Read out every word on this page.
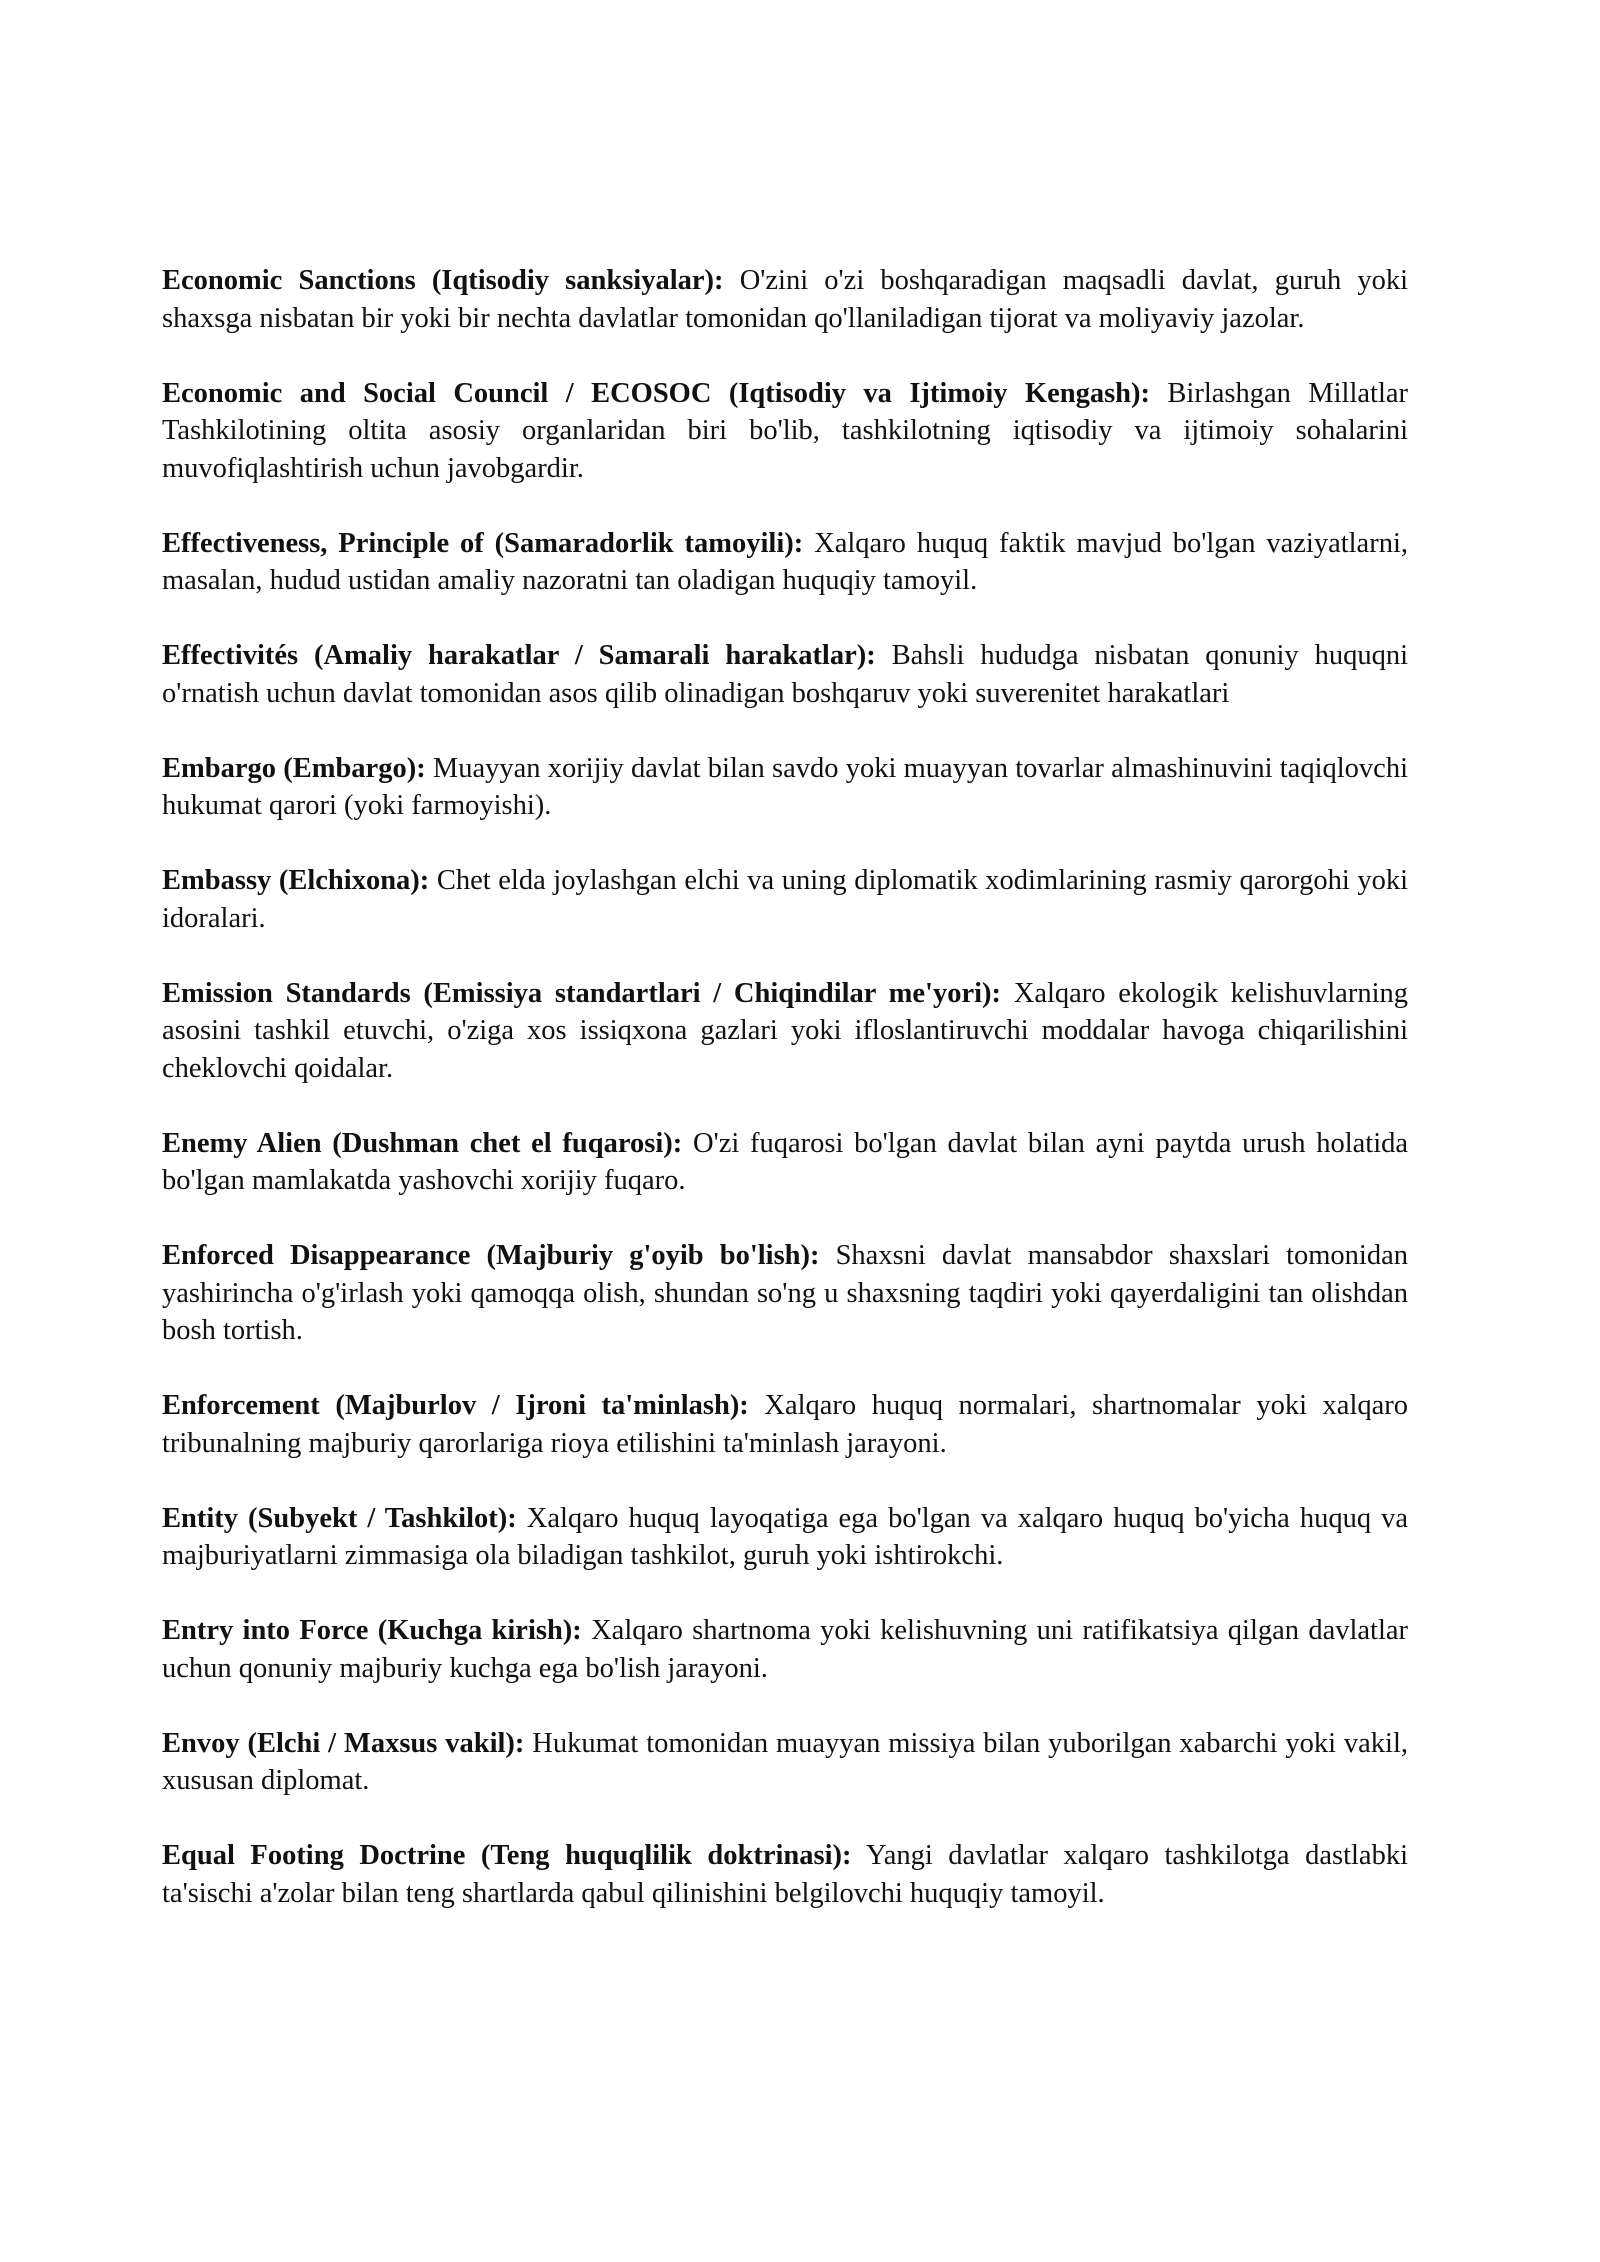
Economic Sanctions (Iqtisodiy sanksiyalar): O'zini o'zi boshqaradigan maqsadli davlat, guruh yoki shaxsga nisbatan bir yoki bir nechta davlatlar tomonidan qo'llaniladigan tijorat va moliyaviy jazolar.

Economic and Social Council / ECOSOC (Iqtisodiy va Ijtimoiy Kengash): Birlashgan Millatlar Tashkilotining oltita asosiy organlaridan biri bo'lib, tashkilotning iqtisodiy va ijtimoiy sohalarini muvofiqlashtirish uchun javobgardir.

Effectiveness, Principle of (Samaradorlik tamoyili): Xalqaro huquq faktik mavjud bo'lgan vaziyatlarni, masalan, hudud ustidan amaliy nazoratni tan oladigan huquqiy tamoyil.

Effectivités (Amaliy harakatlar / Samarali harakatlar): Bahsli hududga nisbatan qonuniy huquqni o'rnatish uchun davlat tomonidan asos qilib olinadigan boshqaruv yoki suverenitet harakatlari

Embargo (Embargo): Muayyan xorijiy davlat bilan savdo yoki muayyan tovarlar almashinuvini taqiqlovchi hukumat qarori (yoki farmoyishi).

Embassy (Elchixona): Chet elda joylashgan elchi va uning diplomatik xodimlarining rasmiy qarorgohi yoki idoralari.

Emission Standards (Emissiya standartlari / Chiqindilar me'yori): Xalqaro ekologik kelishuvlarning asosini tashkil etuvchi, o'ziga xos issiqxona gazlari yoki ifloslantiruvchi moddalar havoga chiqarilishini cheklovchi qoidalar.

Enemy Alien (Dushman chet el fuqarosi): O'zi fuqarosi bo'lgan davlat bilan ayni paytda urush holatida bo'lgan mamlakatda yashovchi xorijiy fuqaro.

Enforced Disappearance (Majburiy g'oyib bo'lish): Shaxsni davlat mansabdor shaxslari tomonidan yashirincha o'g'irlash yoki qamoqqa olish, shundan so'ng u shaxsning taqdiri yoki qayerdaligini tan olishdan bosh tortish.

Enforcement (Majburlov / Ijroni ta'minlash): Xalqaro huquq normalari, shartnomalar yoki xalqaro tribunalning majburiy qarorlariga rioya etilishini ta'minlash jarayoni.

Entity (Subyekt / Tashkilot): Xalqaro huquq layoqatiga ega bo'lgan va xalqaro huquq bo'yicha huquq va majburiyatlarni zimmasiga ola biladigan tashkilot, guruh yoki ishtirokchi.

Entry into Force (Kuchga kirish): Xalqaro shartnoma yoki kelishuvning uni ratifikatsiya qilgan davlatlar uchun qonuniy majburiy kuchga ega bo'lish jarayoni.

Envoy (Elchi / Maxsus vakil): Hukumat tomonidan muayyan missiya bilan yuborilgan xabarchi yoki vakil, xususan diplomat.

Equal Footing Doctrine (Teng huquqlilik doktrinasi): Yangi davlatlar xalqaro tashkilotga dastlabki ta'sischi a'zolar bilan teng shartlarda qabul qilinishini belgilovchi huquqiy tamoyil.
